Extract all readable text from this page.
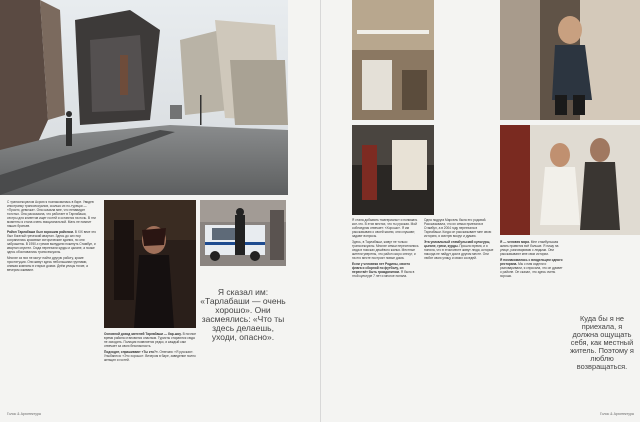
С транссексуалом Асрою я познакомилась в баре. Увидев иностранку транссексуалов, сколько их по-турецки — «Прости, девочка». Она сказала мне, что ненавидит толстых. Она рассказала, что работает в Тарлабаши, сестры для клиентов ищет гостей и остаются на ночь. В эти моменты я стала очень эмоциональной. Мать не помнит наших братьев.

Район Тарлабаши был хорошим районом. В XIX веке это был богатый греческий квартал. Здесь до сих пор сохранились красивые исторические здания, но они заброшены. В 1950-х греков вынудили покинуть Стамбул, и квартал опустел. Сюда переехали курды и цыгане, а позже здесь обосновались транссексуалы.

Многие из них не могут найти другую работу, кроме проституции. Они живут здесь небольшими группами, снимая комнаты в старых домах. Днём улицы тихие, а вечером оживают.

Основной доход жителей Тарлабаши — бар-шоу. В ночное время района становится опасным. Туристы стараются сюда не заходить. Полиция появляется редко, и каждый сам отвечает за свою безопасность.

Подходят, спрашивают «Ты кто?». Отвечаю: «Я русская». Улыбаются: «Это хорошо». Вечером в баре, заведение полно женщин и гостей.

Я сказал им: «Тарлабаши — очень хорошо». Они засмеялись: «Что ты здесь делаешь, уходи, опасно».
Голос & Архитектура

Я стала добывать «материалы» и понимать кое-что. В этих местах, что ты русская. Мой собеседник отвечает: «Хорошо». Я им рассказываю о своей жизни, они слушают, задают вопросы.

Здесь, в Тарлабаши, живут не только транссексуалы. Многие семьи переселились сюда в поисках дешёвого жилья. Местные жители уверены, что район скоро снесут, и на его месте построят новые дома.

Если у человека нет Родины, своего флага и сборной по футболу, он перестаёт быть гражданином. Я была в этой культуре 7 лет и многое поняла.

Одна подруга Марсель была его родовой. Рассказывала, что их семья приехала в Стамбул, а в 2004 году переехала в Тарлабаши. Когда он рассказывает мне свою историю, я смотрю вокруг и думаю.

Эта уникальный стамбульский культуры, цыгане, греки, курды. Прошло время, и я поняла, что в этом месте живут люди, которые никогда не найдут дом в другом месте. Они любят свою улицу и своих соседей.

Я — человек мира. Мне стамбульская жизнь нравится всё больше. Я пишу на улице, разговариваю с людьми. Они рассказывают мне свои истории.

Я познакомилась с владельцем одного ресторана. Мы с ним сидели и разговаривали, я спросила, что он думает о районе. Он сказал, что здесь очень хорошо.

Куда бы я не приехала, я должна ощущать себя, как местный житель. Поэтому я люблю возвращаться.
Голос & Архитектура
